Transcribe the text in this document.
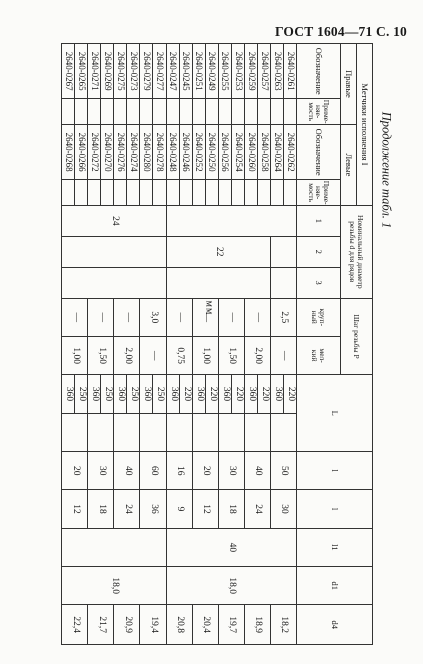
ГОСТ 1604—71 С. 10
Продолжение табл. 1
мм
Метчики исполнения I				Номинальный диаметр резьбы d для рядов			Шаг резьбы P		L		l	l	l1	d1	d4
Правые		Левые													
Обозначение	Приме-
няе-
мость	Обозначение	Приме-
няе-
мость	1	2	3	круп-
ный	мел-
кий							
2640-0261		2640-0262					2,5	—	220		50	30	40	18,0	18,2
2640-0263		2640-0264							360						
2640-0257		2640-0258			22		—	2,00	220		40	24			18,9
2640-0259		2640-0260							360						
2640-0253		2640-0254					—	1,50	220		30	18			19,7
2640-0255		2640-0256							360						
2640-0249		2640-0250					—	1,00	220		20	12			20,4
2640-0251		2640-0252							360						
2640-0245		2640-0246					—	0,75	220		16	9			20,8
2640-0247		2640-0248							360						
2640-0277		2640-0278		24			3,0	—	250		60	36		18,0	19,4
2640-0279		2640-0280							360						
2640-0273		2640-0274					—	2,00	250		40	24			20,9
2640-0275		2640-0276							360						
2640-0269		2640-0270					—	1,50	250		30	18			21,7
2640-0271		2640-0272							360						
2640-0265		2640-0266					—	1,00	250		20	12			22,4
2640-0267		2640-0268							360						
